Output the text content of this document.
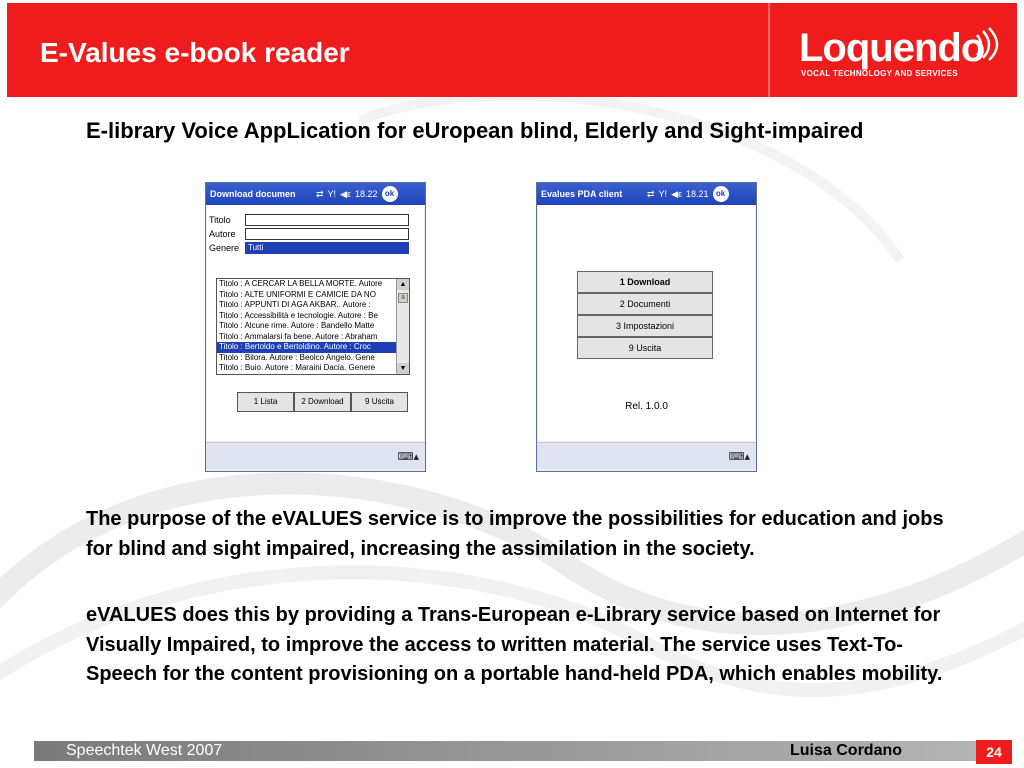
E-Values e-book reader	Loquendo
VOCAL TECHNOLOGY AND SERVICES
E-library Voice AppLication for eUropean blind, Elderly and Sight-impaired
Download documen ⇄ Y! ◀ε 18.22 ok
Titolo
Autore
Genere	Tutti
Titolo : A CERCAR LA BELLA MORTE. Autore
Titolo : ALTE UNIFORMI E CAMICIE DA NO
Titolo : APPUNTI DI AGA AKBAR.. Autore :
Titolo : Accessibilità e tecnologie. Autore : Be
Titolo : Alcune rime. Autore : Bandello Matte
Titolo : Ammalarsi fa bene. Autore : Abraham
Titolo : Bertoldo e Bertoldino. Autore : Croc
Titolo : Bilora. Autore : Beolco Angelo. Gene
Titolo : Buio. Autore : Maraini Dacia. Genere
▲
≡
▼
1 Lista	2 Download	9 Uscita
⌨▴
Evalues PDA client	⇄ Y! ◀ε 18.21 ok
1 Download
2 Documenti
3 Impostazioni
9 Uscita
Rel. 1.0.0
⌨▴
The purpose of the eVALUES service is to improve the possibilities for education and jobs for blind and sight impaired, increasing the assimilation in the society.
eVALUES does this by providing a Trans-European e-Library service based on Internet for Visually Impaired, to improve the access to written material. The service uses Text-To-Speech for the content provisioning on a portable hand-held PDA, which enables mobility.
Speechtek West 2007	Luisa Cordano	24
